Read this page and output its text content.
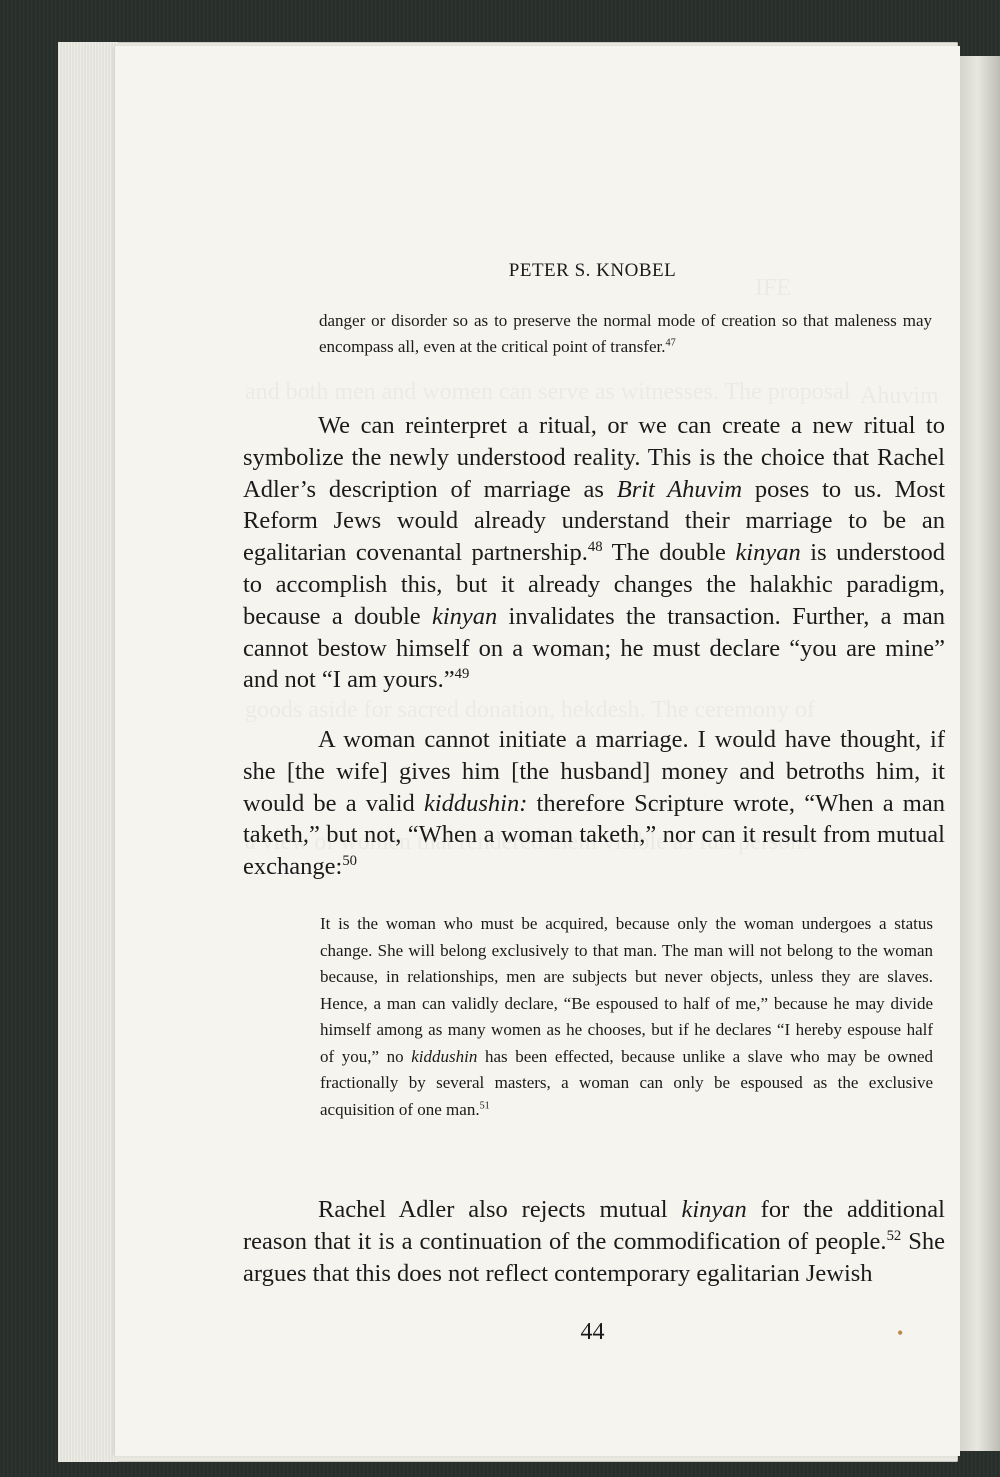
PETER S. KNOBEL
danger or disorder so as to preserve the normal mode of creation so that maleness may encompass all, even at the critical point of transfer.$^{47}$
We can reinterpret a ritual, or we can create a new ritual to symbolize the newly understood reality. This is the choice that Rachel Adler’s description of marriage as Brit Ahuvim poses to us. Most Reform Jews would already understand their marriage to be an egalitarian covenantal partnership.$^{48}$ The double kinyan is understood to accomplish this, but it already changes the halakhic paradigm, because a double kinyan invalidates the transaction. Further, a man cannot bestow himself on a woman; he must declare “you are mine” and not “I am yours.”$^{49}$
A woman cannot initiate a marriage. I would have thought, if she [the wife] gives him [the husband] money and betroths him, it would be a valid kiddushin: therefore Scripture wrote, “When a man taketh,” but not, “When a woman taketh,” nor can it result from mutual exchange:$^{50}$
It is the woman who must be acquired, because only the woman undergoes a status change. She will belong exclusively to that man. The man will not belong to the woman because, in relationships, men are subjects but never objects, unless they are slaves. Hence, a man can validly declare, “Be espoused to half of me,” because he may divide himself among as many women as he chooses, but if he declares “I hereby espouse half of you,” no kiddushin has been effected, because unlike a slave who may be owned fractionally by several masters, a woman can only be espoused as the exclusive acquisition of one man.$^{51}$
Rachel Adler also rejects mutual kinyan for the additional reason that it is a continuation of the commodification of people.$^{52}$ She argues that this does not reflect contemporary egalitarian Jewish
44	•
